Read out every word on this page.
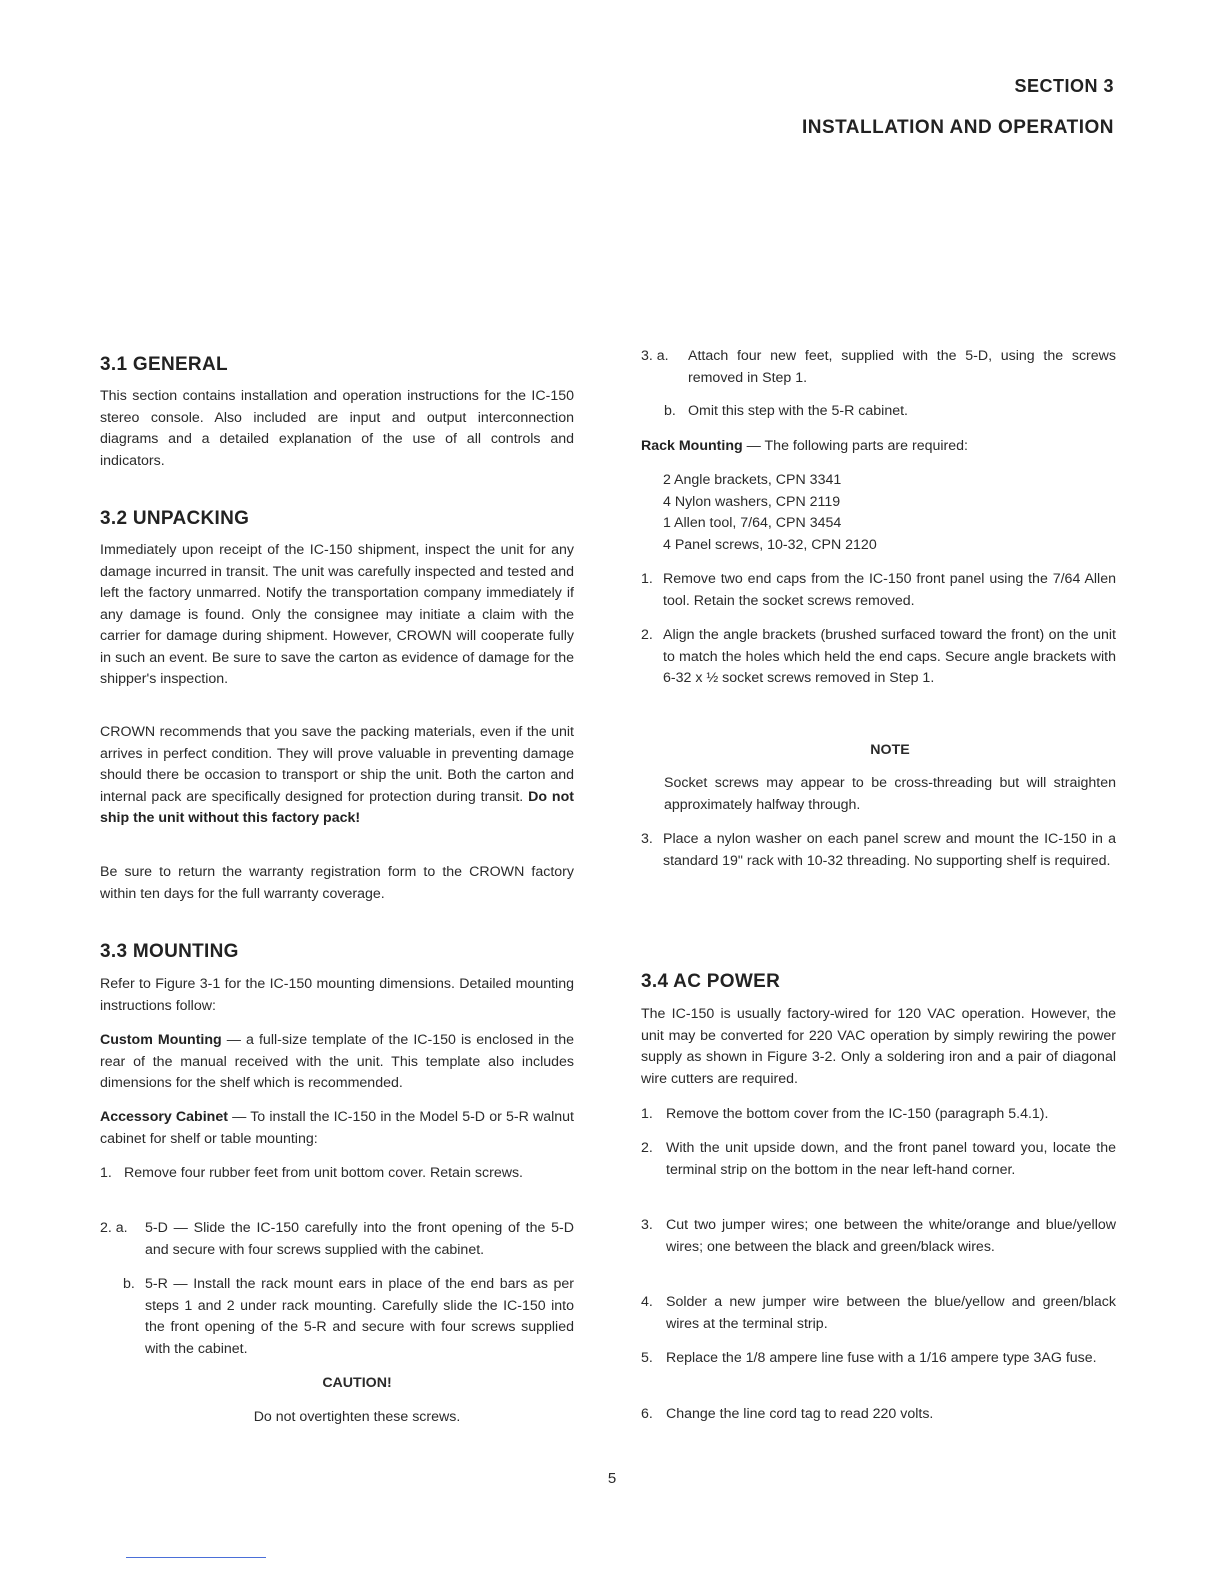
SECTION 3
INSTALLATION AND OPERATION
3.1 GENERAL

This section contains installation and operation instructions for the IC-150 stereo console. Also included are input and output interconnection diagrams and a detailed explanation of the use of all controls and indicators.

3.2 UNPACKING

Immediately upon receipt of the IC-150 shipment, inspect the unit for any damage incurred in transit. The unit was carefully inspected and tested and left the factory unmarred. Notify the transportation company immediately if any damage is found. Only the consignee may initiate a claim with the carrier for damage during shipment. However, CROWN will cooperate fully in such an event. Be sure to save the carton as evidence of damage for the shipper's inspection.

CROWN recommends that you save the packing materials, even if the unit arrives in perfect condition. They will prove valuable in preventing damage should there be occasion to transport or ship the unit. Both the carton and internal pack are specifically designed for protection during transit. Do not ship the unit without this factory pack!

Be sure to return the warranty registration form to the CROWN factory within ten days for the full warranty coverage.

3.3 MOUNTING

Refer to Figure 3-1 for the IC-150 mounting dimensions. Detailed mounting instructions follow:

Custom Mounting — a full-size template of the IC-150 is enclosed in the rear of the manual received with the unit. This template also includes dimensions for the shelf which is recommended.

Accessory Cabinet — To install the IC-150 in the Model 5-D or 5-R walnut cabinet for shelf or table mounting:

1. Remove four rubber feet from unit bottom cover. Retain screws.
2. a.	5-D — Slide the IC-150 carefully into the front opening of the 5-D and secure with four screws supplied with the cabinet.
b. 5-R — Install the rack mount ears in place of the end bars as per steps 1 and 2 under rack mounting. Carefully slide the IC-150 into the front opening of the 5-R and secure with four screws supplied with the cabinet.
CAUTION!
Do not overtighten these screws.
3. a.	Attach four new feet, supplied with the 5-D, using the screws removed in Step 1.
b. Omit this step with the 5-R cabinet.

Rack Mounting — The following parts are required:

2 Angle brackets, CPN 3341
4 Nylon washers, CPN 2119
1 Allen tool, 7/64, CPN 3454
4 Panel screws, 10-32, CPN 2120
1. Remove two end caps from the IC-150 front panel using the 7/64 Allen tool. Retain the socket screws removed.
2. Align the angle brackets (brushed surfaced toward the front) on the unit to match the holes which held the end caps. Secure angle brackets with 6-32 x ½ socket screws removed in Step 1.
NOTE

Socket screws may appear to be cross-threading but will straighten approximately halfway through.

3. Place a nylon washer on each panel screw and mount the IC-150 in a standard 19" rack with 10-32 threading. No supporting shelf is required.
3.4 AC POWER

The IC-150 is usually factory-wired for 120 VAC operation. However, the unit may be converted for 220 VAC operation by simply rewiring the power supply as shown in Figure 3-2. Only a soldering iron and a pair of diagonal wire cutters are required.

1. Remove the bottom cover from the IC-150 (paragraph 5.4.1).
2. With the unit upside down, and the front panel toward you, locate the terminal strip on the bottom in the near left-hand corner.
3. Cut two jumper wires; one between the white/orange and blue/yellow wires; one between the black and green/black wires.
4. Solder a new jumper wire between the blue/yellow and green/black wires at the terminal strip.
5. Replace the 1/8 ampere line fuse with a 1/16 ampere type 3AG fuse.
6. Change the line cord tag to read 220 volts.
5
